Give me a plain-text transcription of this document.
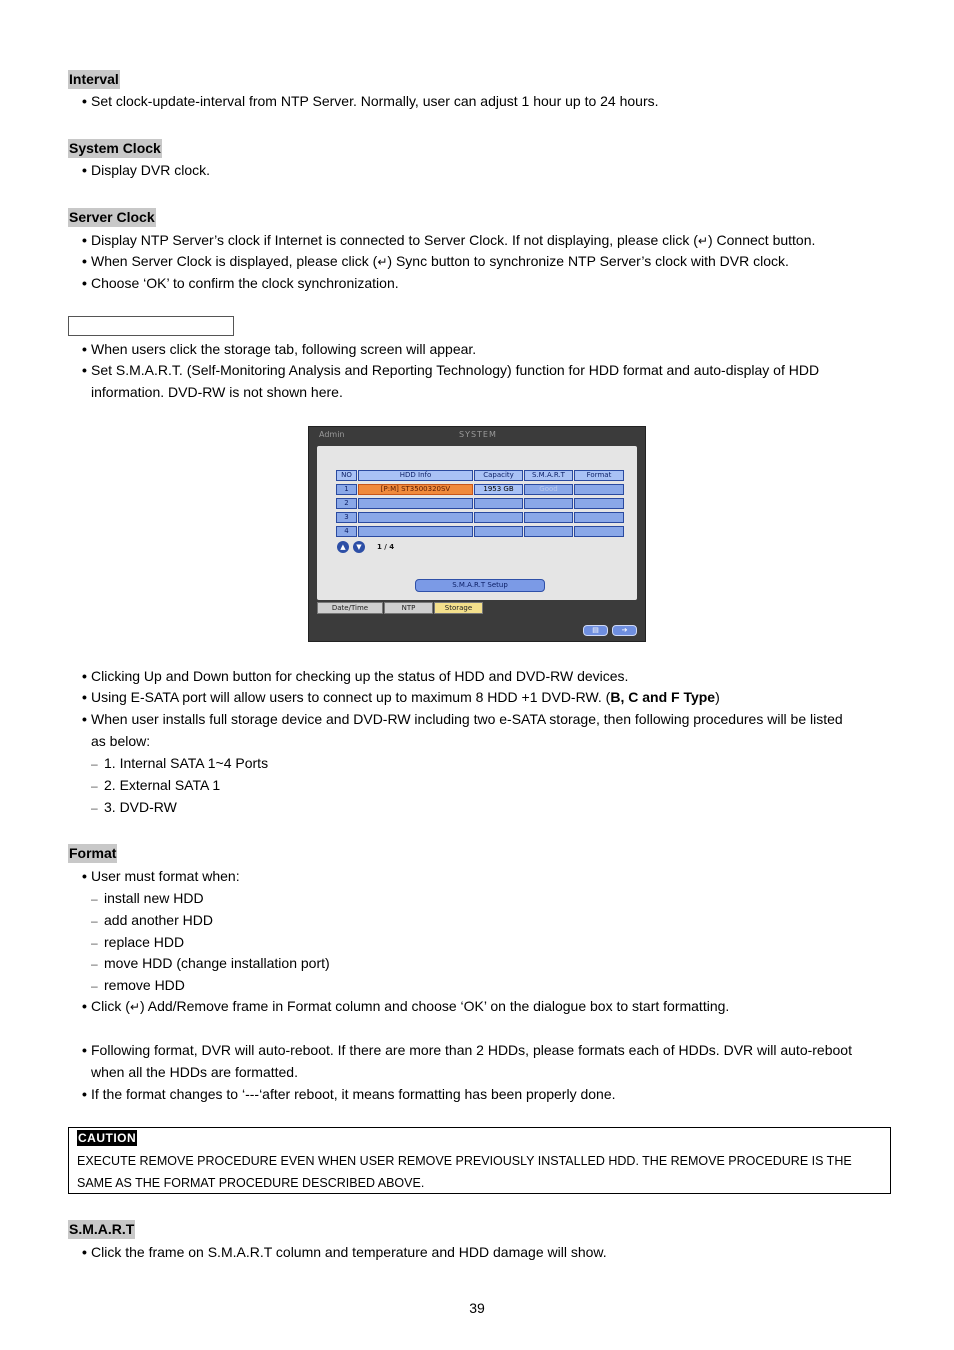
Interval
• Set clock-update-interval from NTP Server. Normally, user can adjust 1 hour up to 24 hours.
System Clock
• Display DVR clock.
Server Clock
• Display NTP Server’s clock if Internet is connected to Server Clock. If not displaying, please click (↵) Connect button.
• When Server Clock is displayed, please click (↵) Sync button to synchronize NTP Server’s clock with DVR clock.
• Choose ‘OK’ to confirm the clock synchronization.
• When users click the storage tab, following screen will appear.
• Set S.M.A.R.T. (Self-Monitoring Analysis and Reporting Technology) function for HDD format and auto-display of HDD
information. DVD-RW is not shown here.
Admin	SYSTEM
NO	HDD Info	Capacity	S.M.A.R.T	Format
1	[P:M] ST3500320SV	1953 GB	Good
2
3
4
▲	▼	1 / 4
S.M.A.R.T Setup
Date/Time	NTP	Storage
▤	➔
• Clicking Up and Down button for checking up the status of HDD and DVD-RW devices.
• Using E-SATA port will allow users to connect up to maximum 8 HDD +1 DVD-RW. (B, C and F Type)
• When user installs full storage device and DVD-RW including two e-SATA storage, then following procedures will be listed
as below:
– 1. Internal SATA 1~4 Ports
– 2. External SATA 1
– 3. DVD-RW
Format
• User must format when:
– install new HDD
– add another HDD
– replace HDD
– move HDD (change installation port)
– remove HDD
• Click (↵) Add/Remove frame in Format column and choose ‘OK’ on the dialogue box to start formatting.
• Following format, DVR will auto-reboot. If there are more than 2 HDDs, please formats each of HDDs. DVR will auto-reboot
when all the HDDs are formatted.
• If the format changes to ‘---‘after reboot, it means formatting has been properly done.
CAUTION
EXECUTE REMOVE PROCEDURE EVEN WHEN USER REMOVE PREVIOUSLY INSTALLED HDD. THE REMOVE PROCEDURE IS THE
SAME AS THE FORMAT PROCEDURE DESCRIBED ABOVE.
S.M.A.R.T
• Click the frame on S.M.A.R.T column and temperature and HDD damage will show.
39
